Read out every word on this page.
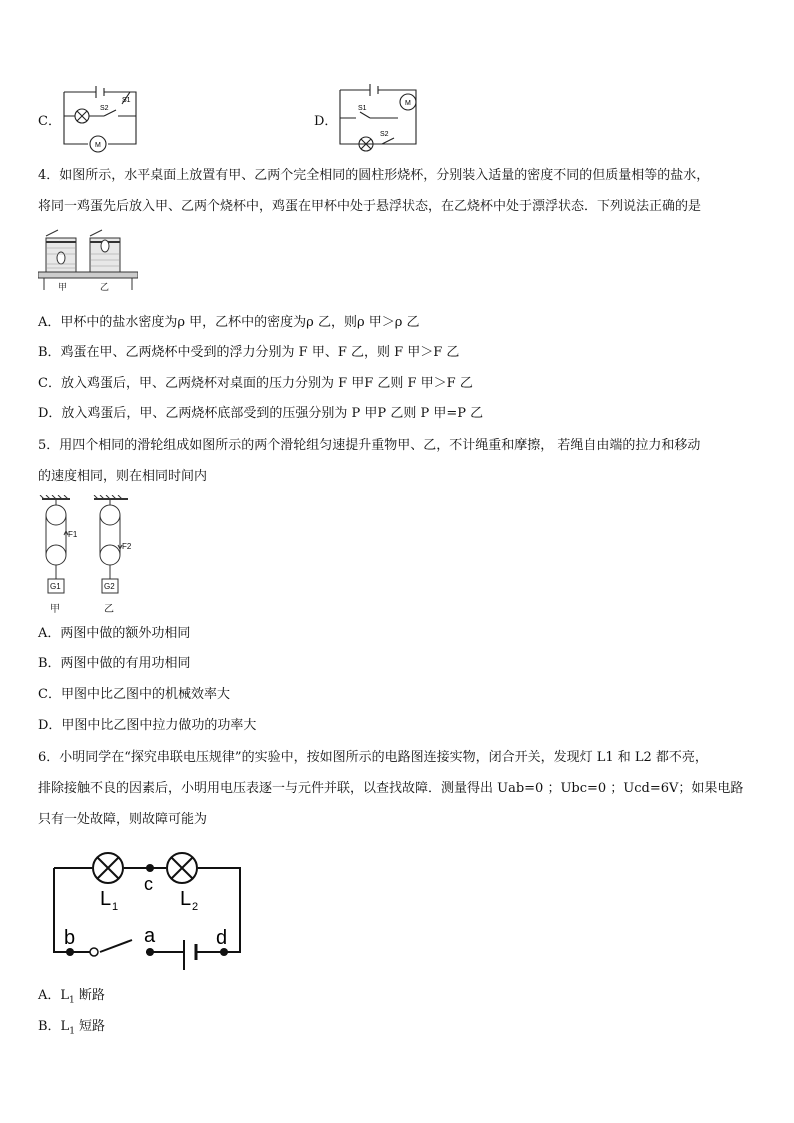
C．
M
S2
S1
D．
M
S1
S2
4．如图所示，水平桌面上放置有甲、乙两个完全相同的圆柱形烧杯，分别装入适量的密度不同的但质量相等的盐水，
将同一鸡蛋先后放入甲、乙两个烧杯中，鸡蛋在甲杯中处于悬浮状态，在乙烧杯中处于漂浮状态．下列说法正确的是
甲	乙
A．甲杯中的盐水密度为ρ 甲，乙杯中的密度为ρ 乙，则ρ 甲＞ρ 乙
B．鸡蛋在甲、乙两烧杯中受到的浮力分别为 F 甲、F 乙，则 F 甲＞F 乙
C．放入鸡蛋后，甲、乙两烧杯对桌面的压力分别为 F 甲F 乙则 F 甲＞F 乙
D．放入鸡蛋后，甲、乙两烧杯底部受到的压强分别为 P 甲P 乙则 P 甲=P 乙
5．用四个相同的滑轮组成如图所示的两个滑轮组匀速提升重物甲、乙，不计绳重和摩擦， 若绳自由端的拉力和移动
的速度相同，则在相同时间内
F1
F2
G1	G2
甲	乙
A．两图中做的额外功相同
B．两图中做的有用功相同
C．甲图中比乙图中的机械效率大
D．甲图中比乙图中拉力做功的功率大
6．小明同学在“探究串联电压规律”的实验中，按如图所示的电路图连接实物，闭合开关，发现灯 L1 和 L2 都不亮，
排除接触不良的因素后，小明用电压表逐一与元件并联，以查找故障．测量得出 Uab=0 ；Ubc=0 ；Ucd=6V；如果电路
只有一处故障，则故障可能为
c
b	a	d
L 1	L 2
A．$L_1$ 断路
B．$L_1$ 短路
